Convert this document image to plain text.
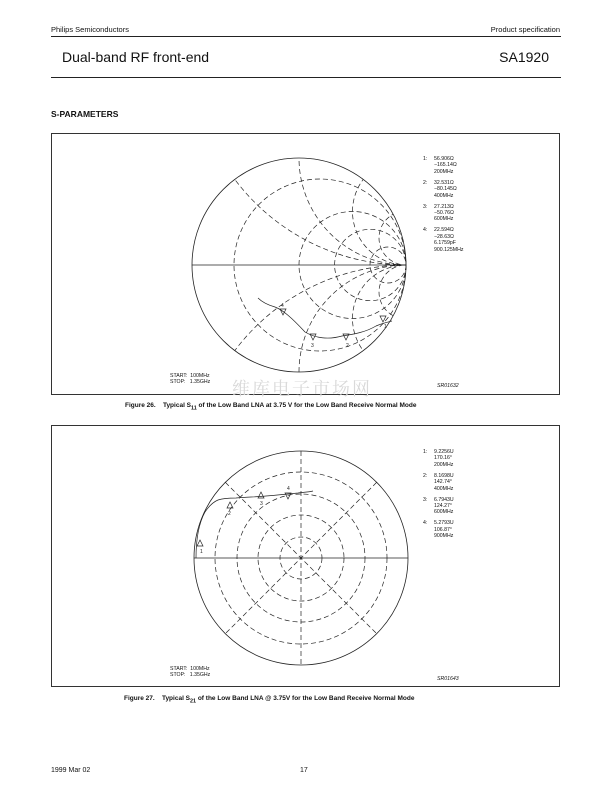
Philips Semiconductors	Product specification
Dual-band RF front-end	SA1920
S-PARAMETERS
1
2
3
4
1:	56.906Ω
−165.14Ω
200MHz
2:	32.531Ω
−80.145Ω
400MHz
3:	27.213Ω
−50.76Ω
600MHz
4:	22.594Ω
−28.63Ω
6.1759pF
900.125MHz
START:  100MHz
STOP:   1.35GHz
SR01632
维库电子市场网
Figure 26. Typical $S_{11}$ of the Low Band LNA at 3.75 V for the Low Band Receive Normal Mode
1
2
3
4
1:	9.2256U
170.16°
200MHz
2:	8.1698U
142.74°
400MHz
3:	6.7943U
124.27°
600MHz
4:	5.2793U
106.87°
900MHz
START:  100MHz
STOP:   1.35GHz
SR01643
Figure 27. Typical $S_{21}$ of the Low Band LNA @ 3.75V for the Low Band Receive Normal Mode
1999 Mar 02	17
